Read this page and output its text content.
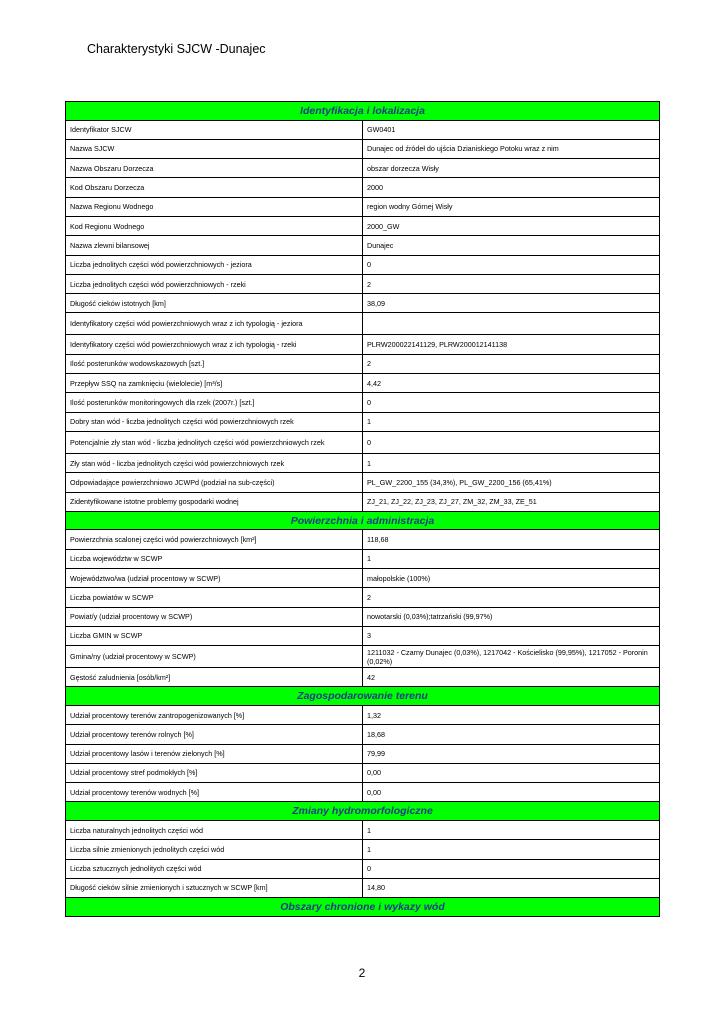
Charakterystyki SJCW -Dunajec
Identyfikacja i lokalizacja	
Identyfikator SJCW	GW0401
Nazwa SJCW	Dunajec od źródeł do ujścia Dzianiskiego Potoku wraz z nim
Nazwa Obszaru Dorzecza	obszar dorzecza Wisły
Kod Obszaru Dorzecza	2000
Nazwa Regionu Wodnego	region wodny Górnej Wisły
Kod Regionu Wodnego	2000_GW
Nazwa zlewni bilansowej	Dunajec
Liczba jednolitych części wód powierzchniowych - jeziora	0
Liczba jednolitych części wód powierzchniowych - rzeki	2
Długość cieków istotnych [km]	38,09
Identyfikatory części wód powierzchniowych wraz z ich typologią - jeziora	
Identyfikatory części wód powierzchniowych wraz z ich typologią - rzeki	PLRW200022141129, PLRW200012141138
Ilość posterunków wodowskazowych [szt.]	2
Przepływ SSQ na zamknięciu (wielolecie) [m³/s]	4,42
Ilość posterunków monitoringowych dla rzek (2007r.) [szt.]	0
Dobry stan wód - liczba jednolitych części wód powierzchniowych rzek	1
Potencjalnie zły stan wód - liczba jednolitych części wód powierzchniowych rzek	0
Zły stan wód - liczba jednolitych części wód powierzchniowych rzek	1
Odpowiadające powierzchniowo JCWPd (podział na sub-części)	PL_GW_2200_155 (34,3%), PL_GW_2200_156 (65,41%)
Zidentyfikowane istotne problemy gospodarki wodnej	ZJ_21, ZJ_22, ZJ_23, ZJ_27, ZM_32, ZM_33, ZE_51
Powierzchnia i administracja	
Powierzchnia scalonej części wód powierzchniowych [km²]	118,68
Liczba województw w SCWP	1
Województwo/wa (udział procentowy w SCWP)	małopolskie (100%)
Liczba powiatów w SCWP	2
Powiat/y (udział procentowy w SCWP)	nowotarski (0,03%);tatrzański (99,97%)
Liczba GMIN w SCWP	3
Gmina/ny (udział procentowy w SCWP)	1211032 - Czarny Dunajec (0,03%), 1217042 - Kościelisko (99,95%), 1217052 - Poronin (0,02%)
Gęstość zaludnienia [osób/km²]	42
Zagospodarowanie terenu	
Udział procentowy terenów zantropogenizowanych [%]	1,32
Udział procentowy terenów rolnych [%]	18,68
Udział procentowy lasów i terenów zielonych [%]	79,99
Udział procentowy stref podmokłych [%]	0,00
Udział procentowy terenów wodnych [%]	0,00
Zmiany hydromorfologiczne	
Liczba naturalnych jednolitych części wód	1
Liczba silnie zmienionych jednolitych części wód	1
Liczba sztucznych jednolitych części wód	0
Długość cieków silnie zmienionych i sztucznych w SCWP [km]	14,80
Obszary chronione i wykazy wód	
2
